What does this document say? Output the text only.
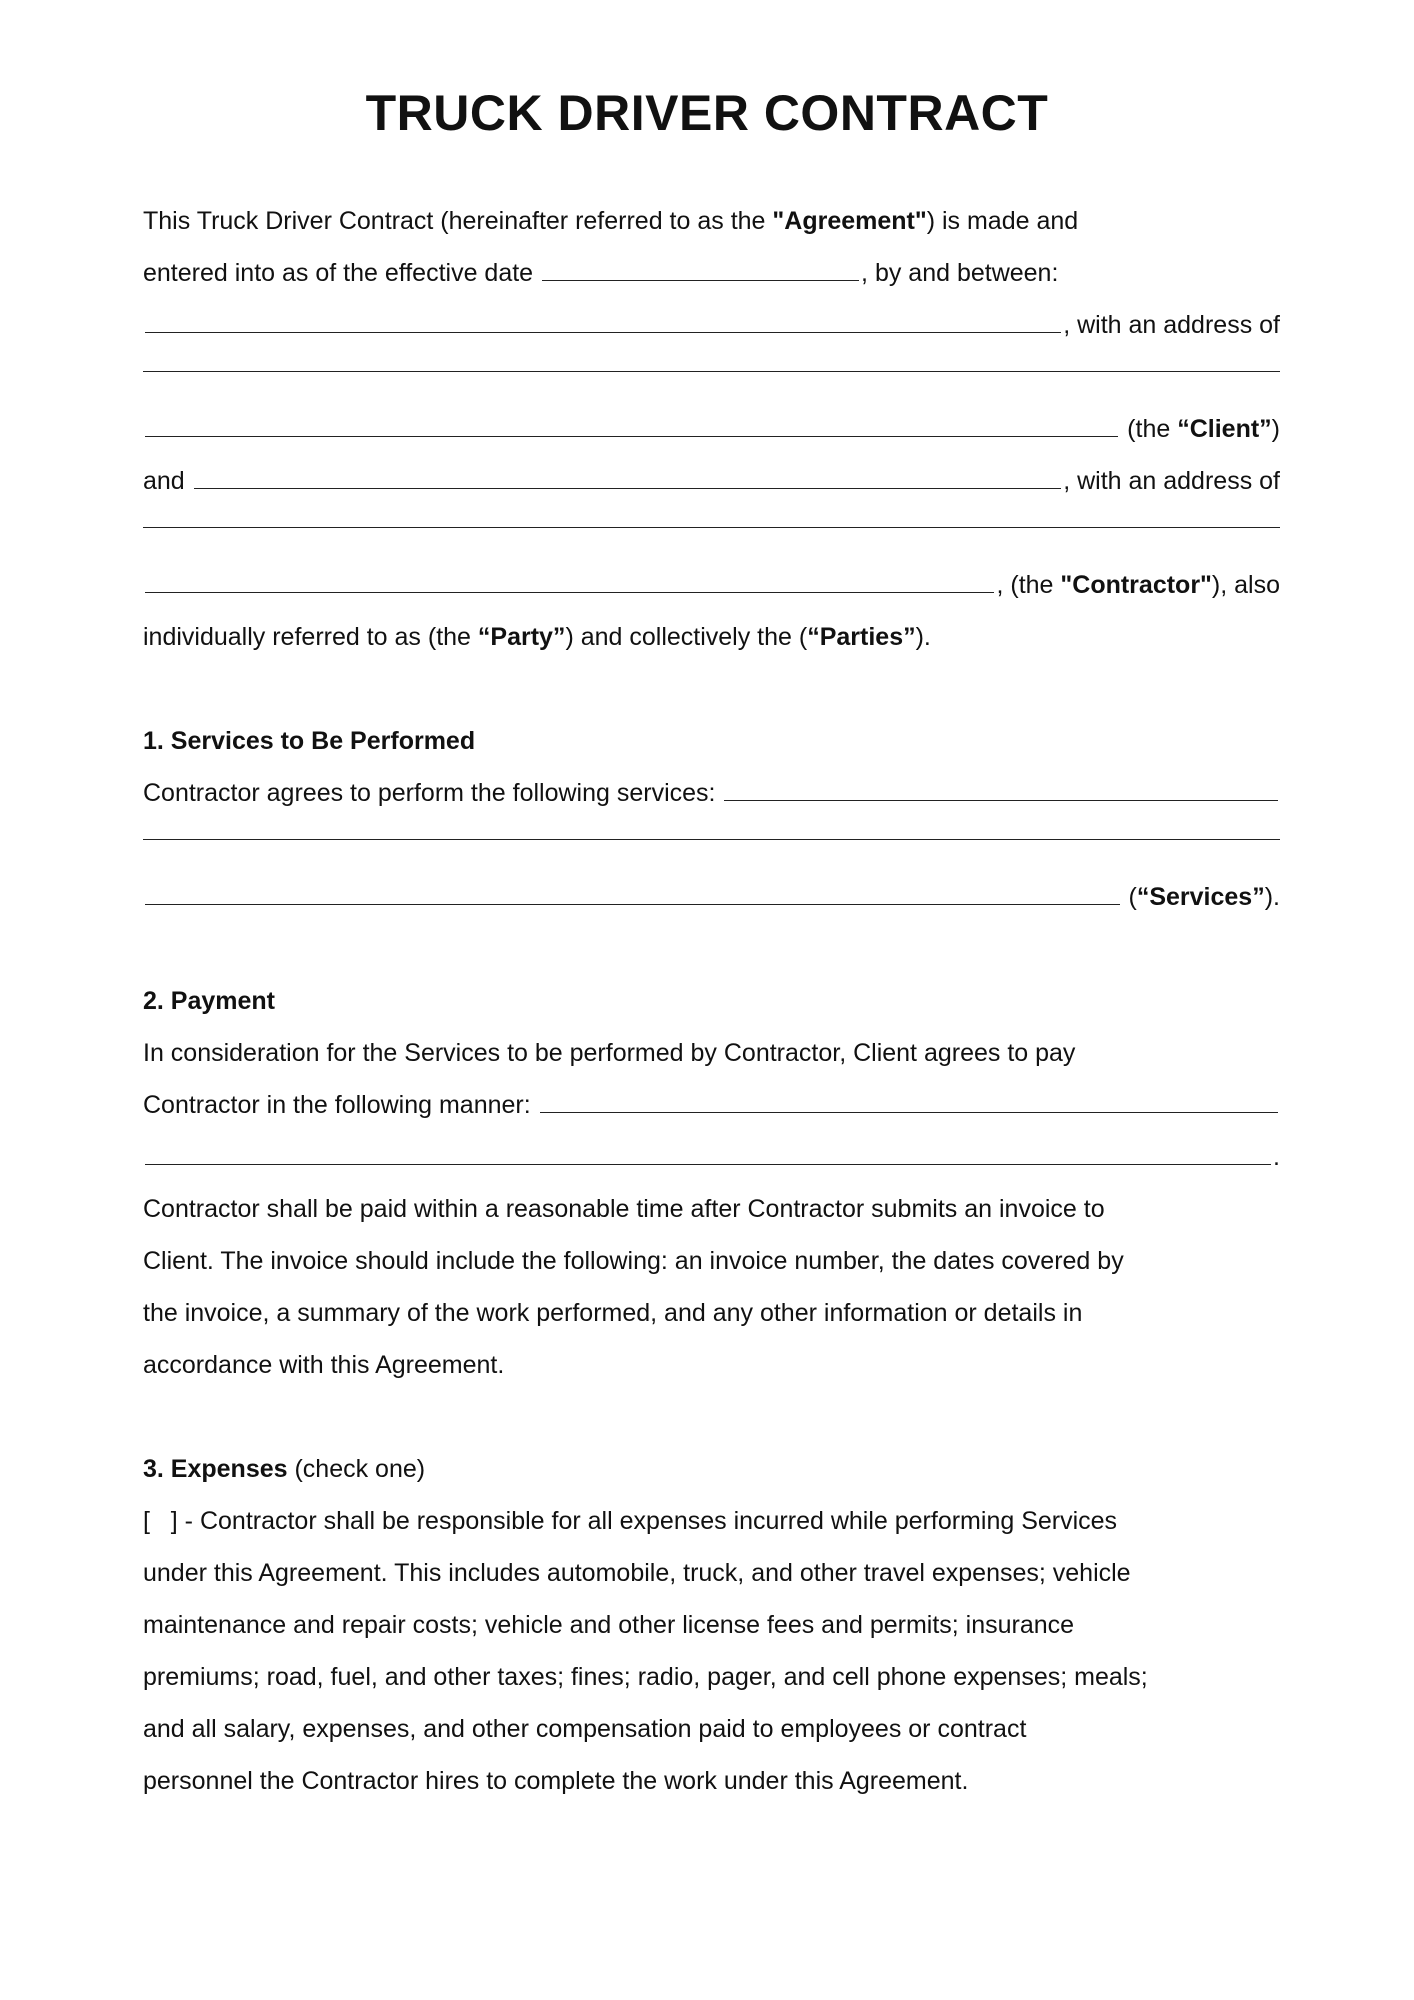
TRUCK DRIVER CONTRACT
This Truck Driver Contract (hereinafter referred to as the "Agreement" ) is made and
entered into as of the effective date	, by and between:
, with an address of
(the “Client” )
and	, with an address of
, (the "Contractor" ), also
individually referred to as (the “Party” ) and collectively the ( “Parties” ).
1. Services to Be Performed
Contractor agrees to perform the following services:
( “Services” ).
2. Payment
In consideration for the Services to be performed by Contractor, Client agrees to pay
Contractor in the following manner:
.
Contractor shall be paid within a reasonable time after Contractor submits an invoice to
Client. The invoice should include the following: an invoice number, the dates covered by
the invoice, a summary of the work performed, and any other information or details in
accordance with this Agreement.
3. Expenses (check one)
[   ] - Contractor shall be responsible for all expenses incurred while performing Services
under this Agreement. This includes automobile, truck, and other travel expenses; vehicle
maintenance and repair costs; vehicle and other license fees and permits; insurance
premiums; road, fuel, and other taxes; fines; radio, pager, and cell phone expenses; meals;
and all salary, expenses, and other compensation paid to employees or contract
personnel the Contractor hires to complete the work under this Agreement.
